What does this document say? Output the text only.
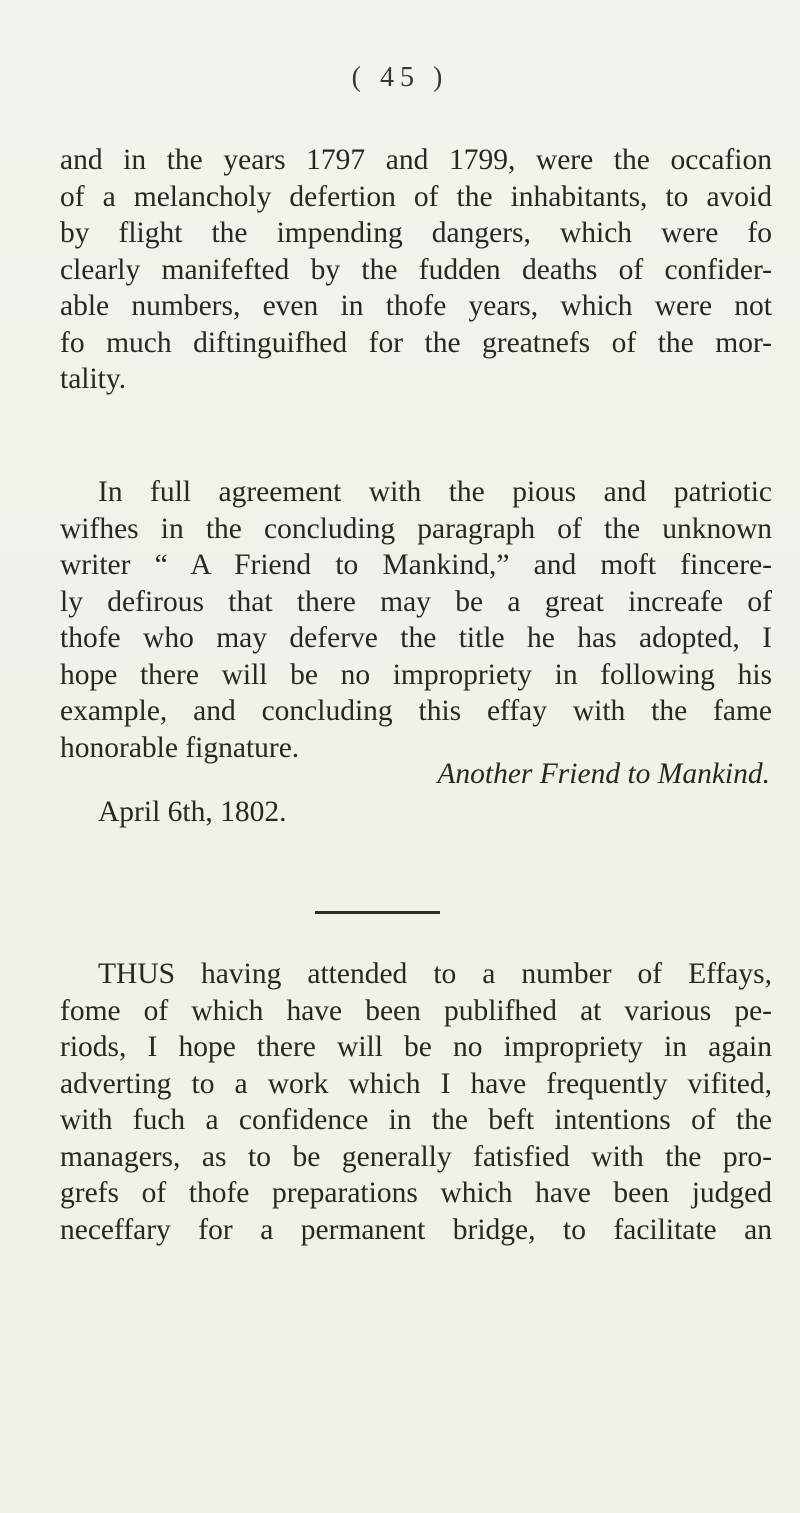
( 45 )
and in the years 1797 and 1799, were the occafion
of a melancholy defertion of the inhabitants, to avoid
by flight the impending dangers, which were fo
clearly manifefted by the fudden deaths of confider-
able numbers, even in thofe years, which were not
fo much diftinguifhed for the greatnefs of the mor-
tality.
In full agreement with the pious and patriotic
wifhes in the concluding paragraph of the unknown
writer “ A Friend to Mankind,” and moft fincere-
ly defirous that there may be a great increafe of
thofe who may deferve the title he has adopted, I
hope there will be no impropriety in following his
example, and concluding this effay with the fame
honorable fignature.
Another Friend to Mankind.
April 6th, 1802.
THUS having attended to a number of Effays,
fome of which have been publifhed at various pe-
riods, I hope there will be no impropriety in again
adverting to a work which I have frequently vifited,
with fuch a confidence in the beft intentions of the
managers, as to be generally fatisfied with the pro-
grefs of thofe preparations which have been judged
neceffary for a permanent bridge, to facilitate an
